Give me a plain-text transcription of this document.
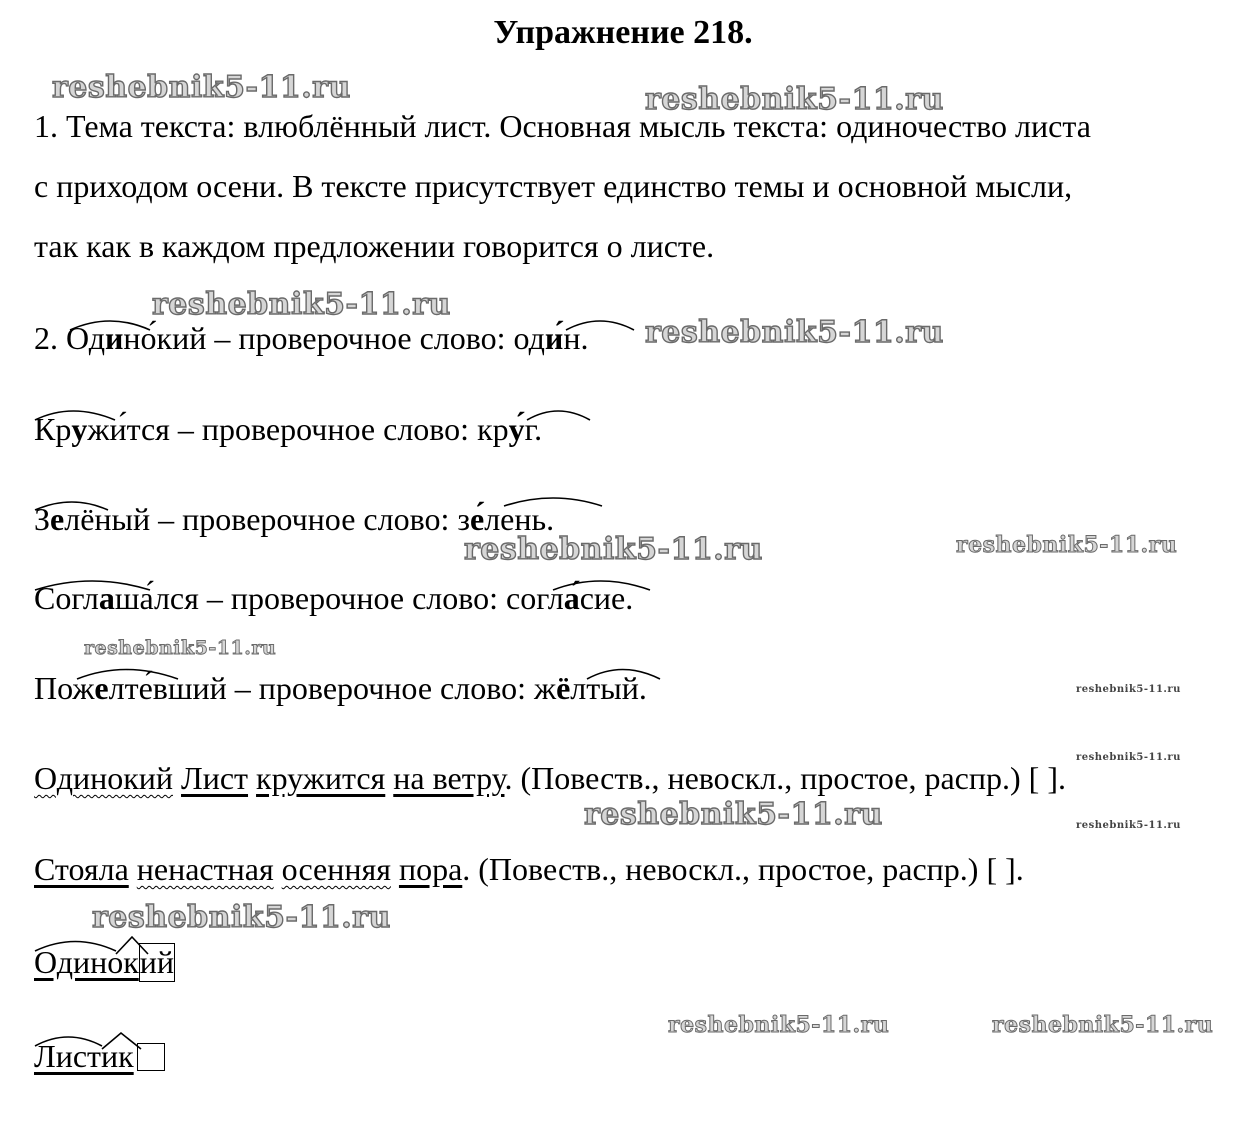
Упражнение 218.
1. Тема текста: влюблённый лист. Основная мысль текста: одиночество листа
с приходом осени. В тексте присутствует единство темы и основной мысли,
так как в каждом предложении говорится о листе.
2. Одинокий – проверочное слово: оди́н.
Кружится – проверочное слово: кру́г.
Зелёный – проверочное слово: зе́лень.
Соглашался – проверочное слово: согла́сие.
Пожелтевший – проверочное слово: жёлтый.
Одинокий Лист кружится на ветру. (Повеств., невоскл., простое, распр.) [ ].
Стояла ненастная осенняя пора. (Повеств., невоскл., простое, распр.) [ ].
Одинокий
Листик
reshebnik5-11.ru	reshebnik5-11.ru
reshebnik5-11.ru
reshebnik5-11.ru
reshebnik5-11.ru	reshebnik5-11.ru
reshebnik5-11.ru
reshebnik5-11.ru
reshebnik5-11.ru
reshebnik5-11.ru	reshebnik5-11.ru
reshebnik5-11.ru
reshebnik5-11.ru	reshebnik5-11.ru
